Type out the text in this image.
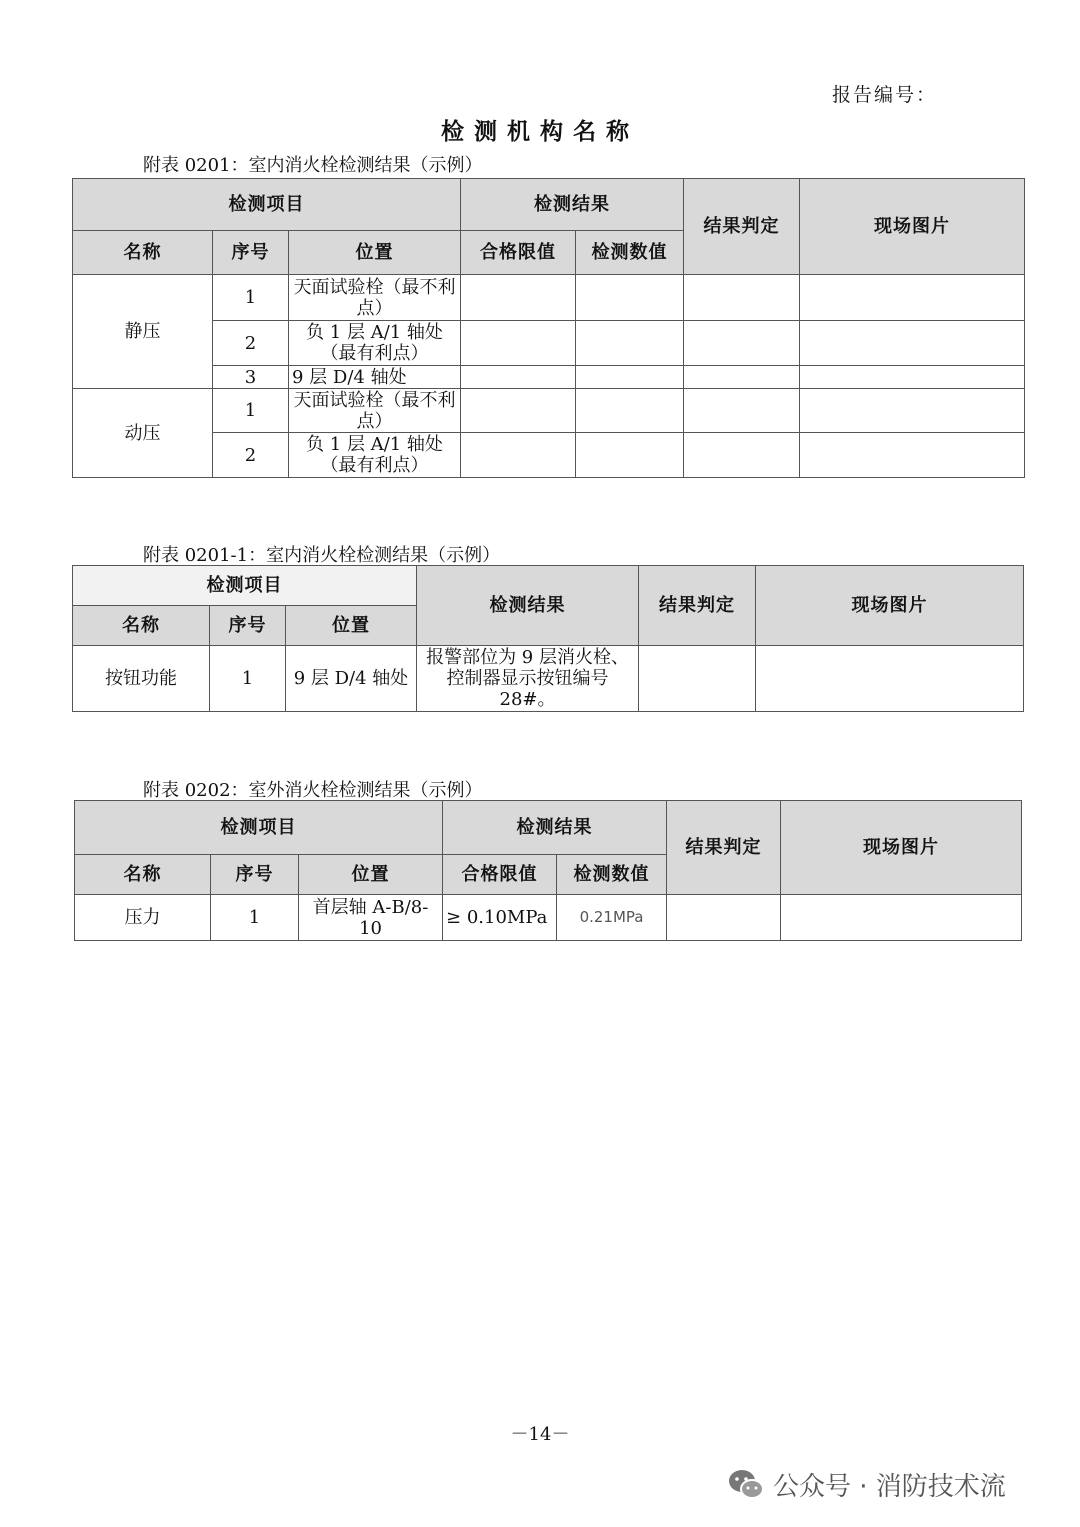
报告编号：
检测机构名称
附表 0201：室内消火栓检测结果（示例）
检测项目			检测结果		结果判定	现场图片
名称	序号	位置	合格限值	检测数值		
静压	1	天面试验栓（最不利点）				
	2	负 1 层 A/1 轴处（最有利点）				
	3	9 层 D/4 轴处				
动压	1	天面试验栓（最不利点）				
	2	负 1 层 A/1 轴处（最有利点）				
附表 0201-1：室内消火栓检测结果（示例）
检测项目			检测结果	结果判定	现场图片
名称	序号	位置			
按钮功能	1	9 层 D/4 轴处	报警部位为 9 层消火栓、控制器显示按钮编号 28#。		
附表 0202：室外消火栓检测结果（示例）
检测项目			检测结果		结果判定	现场图片
名称	序号	位置	合格限值	检测数值		
压力	1	首层轴 A-B/8-10	≥ 0.10MPa	0.21MPa		
－14－
公众号 · 消防技术流
